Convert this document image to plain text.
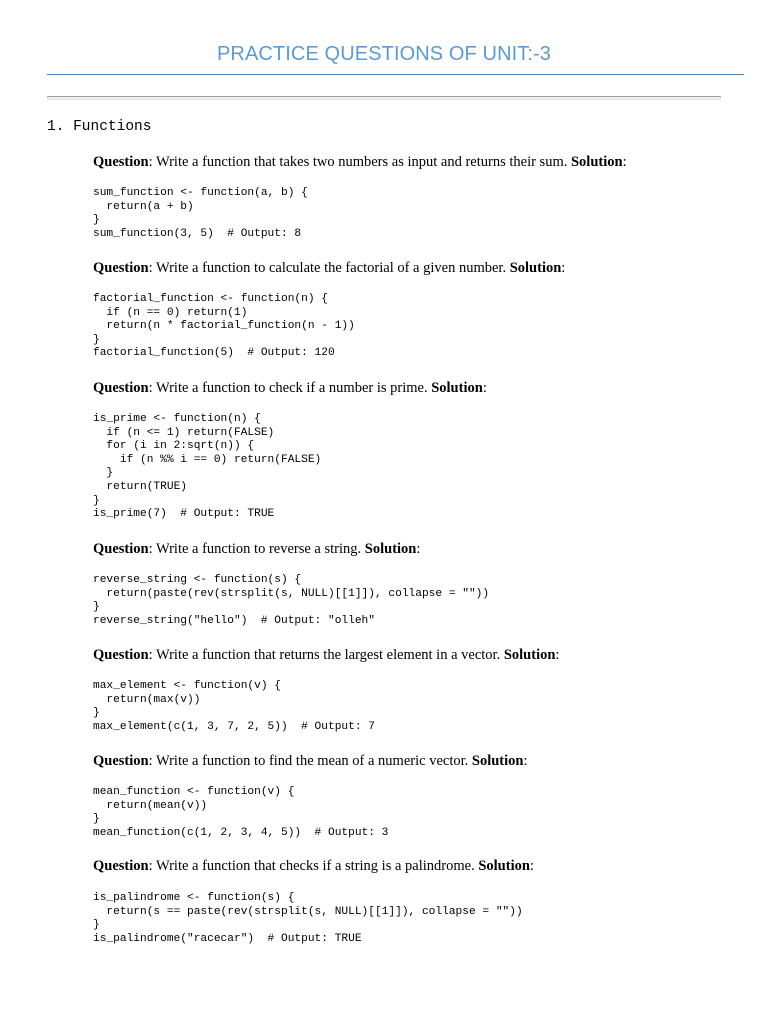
PRACTICE QUESTIONS OF UNIT:-3
1. Functions
Question: Write a function that takes two numbers as input and returns their sum. Solution:
sum_function <- function(a, b) {
return(a + b)
}
sum_function(3, 5)  # Output: 8
Question: Write a function to calculate the factorial of a given number. Solution:
factorial_function <- function(n) {
if (n == 0) return(1)
return(n * factorial_function(n - 1))
}
factorial_function(5)  # Output: 120
Question: Write a function to check if a number is prime. Solution:
is_prime <- function(n) {
if (n <= 1) return(FALSE)
for (i in 2:sqrt(n)) {
if (n %% i == 0) return(FALSE)
}
return(TRUE)
}
is_prime(7)  # Output: TRUE
Question: Write a function to reverse a string. Solution:
reverse_string <- function(s) {
return(paste(rev(strsplit(s, NULL)[[1]]), collapse = ""))
}
reverse_string("hello")  # Output: "olleh"
Question: Write a function that returns the largest element in a vector. Solution:
max_element <- function(v) {
return(max(v))
}
max_element(c(1, 3, 7, 2, 5))  # Output: 7
Question: Write a function to find the mean of a numeric vector. Solution:
mean_function <- function(v) {
return(mean(v))
}
mean_function(c(1, 2, 3, 4, 5))  # Output: 3
Question: Write a function that checks if a string is a palindrome. Solution:
is_palindrome <- function(s) {
return(s == paste(rev(strsplit(s, NULL)[[1]]), collapse = ""))
}
is_palindrome("racecar")  # Output: TRUE
